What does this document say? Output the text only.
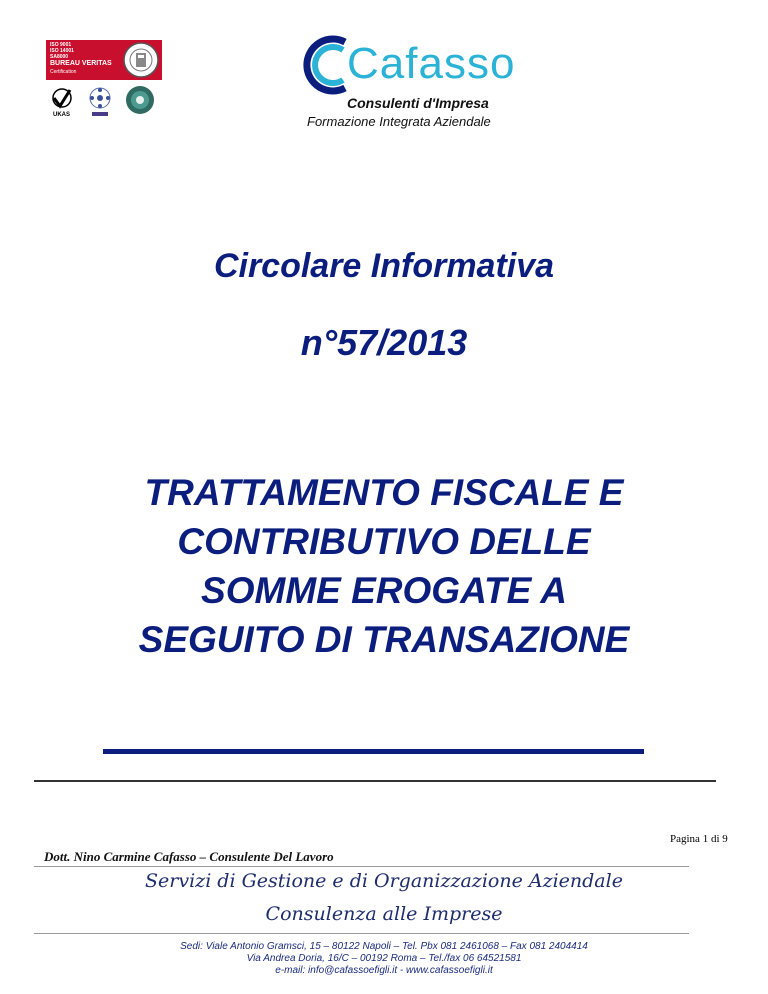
ISO 9001
ISO 14001
SA8000
BUREAU VERITAS
Certification
UKAS
Cafasso
Consulenti d'Impresa
Formazione Integrata Aziendale
Circolare Informativa
n°57/2013
TRATTAMENTO FISCALE E
CONTRIBUTIVO DELLE
SOMME EROGATE A
SEGUITO DI TRANSAZIONE
Pagina 1 di 9
Dott. Nino Carmine Cafasso – Consulente Del Lavoro
Servizi di Gestione e di Organizzazione Aziendale
Consulenza alle Imprese
Sedi: Viale Antonio Gramsci, 15 – 80122 Napoli – Tel. Pbx 081 2461068 – Fax 081 2404414
Via Andrea Doria, 16/C – 00192 Roma – Tel./fax 06 64521581
e-mail: info@cafassoefigli.it - www.cafassoefigli.it
